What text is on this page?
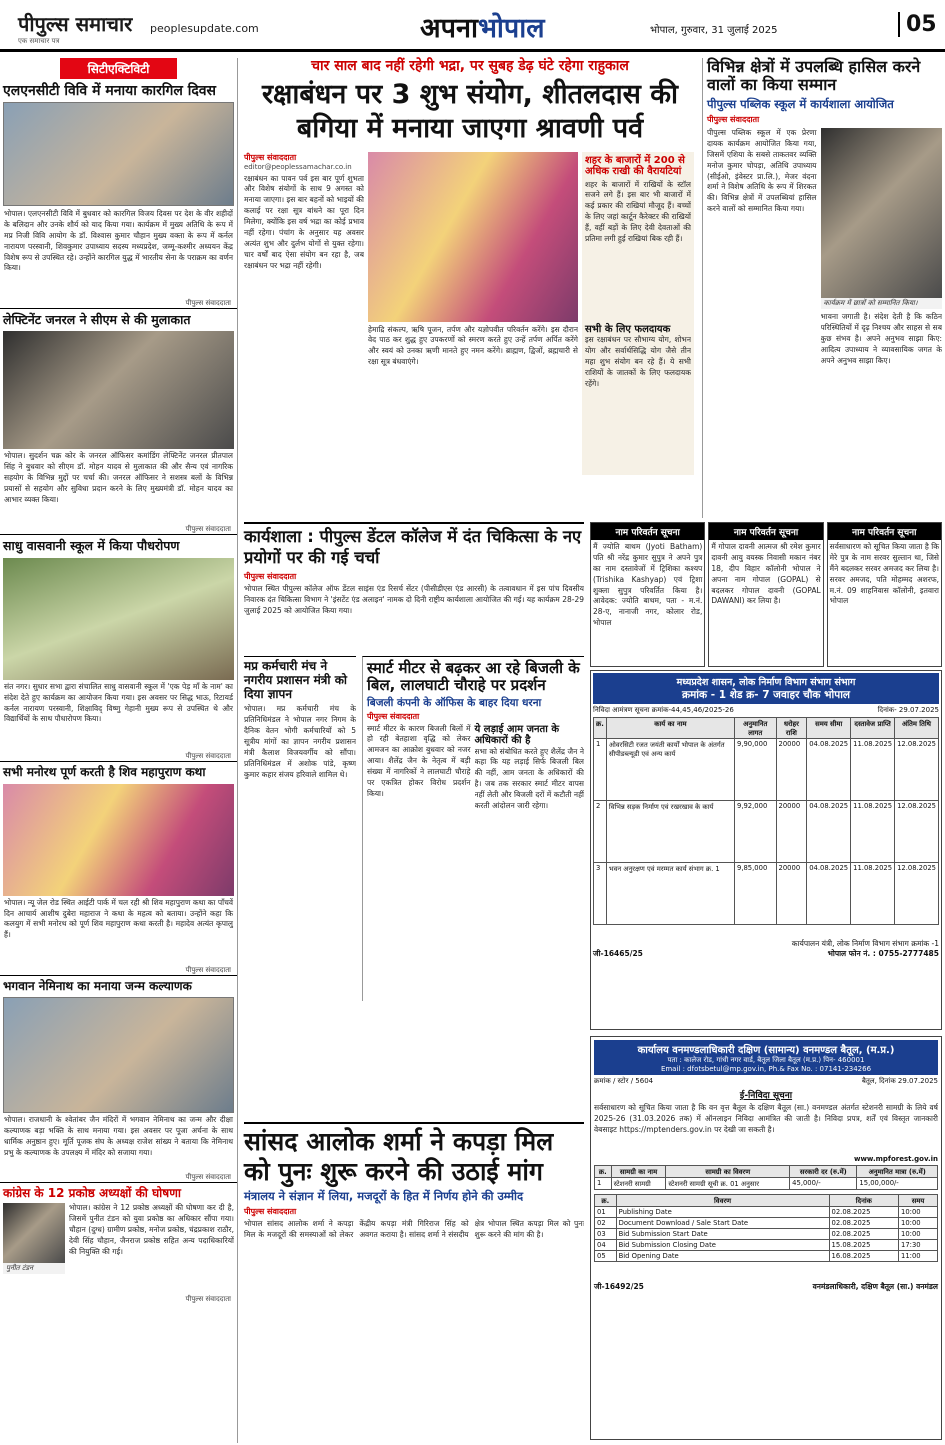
पीपुल्स समाचार
एक समाचार पत्र
peoplesupdate.com	अपनाभोपाल	भोपाल, गुरुवार, 31 जुलाई 2025	05
सिटीएक्टिविटी
एलएनसीटी विवि में मनाया कारगिल दिवस
भोपाल। एलएनसीटी विवि में बुधवार को कारगिल विजय दिवस पर देश के वीर शहीदों के बलिदान और उनके शौर्य को याद किया गया। कार्यक्रम में मुख्य अतिथि के रूप में मप्र निजी विवि आयोग के डॉ. विश्वास कुमार चौहान मुख्य वक्ता के रूप में कर्नल नारायण परस्वानी, शिवकुमार उपाध्याय सदस्य मध्यप्रदेश, जम्मू-कश्मीर अध्ययन केंद्र विशेष रूप से उपस्थित रहे। उन्होंने कारगिल युद्ध में भारतीय सेना के पराक्रम का वर्णन किया।
पीपुल्स संवाददाता
लेफ्टिनेंट जनरल ने सीएम से की मुलाकात
भोपाल। सुदर्शन चक्र कोर के जनरल ऑफिसर कमांडिंग लेफ्टिनेंट जनरल प्रीतपाल सिंह ने बुधवार को सीएम डॉ. मोहन यादव से मुलाकात की और सैन्य एवं नागरिक सहयोग के विभिन्न मुद्दों पर चर्चा की। जनरल ऑफिसर ने सशस्त्र बलों के विभिन्न प्रयासों से सहयोग और सुविधा प्रदान करने के लिए मुख्यमंत्री डॉ. मोहन यादव का आभार व्यक्त किया।
पीपुल्स संवाददाता
साधु वासवानी स्कूल में किया पौधरोपण
संत नगर। सुधार सभा द्वारा संचालित साधु वासवानी स्कूल में 'एक पेड़ माँ के नाम' का संदेश देते हुए कार्यक्रम का आयोजन किया गया। इस अवसर पर सिद्ध भाऊ, रिटायर्ड कर्नल नारायण परस्वानी, शिक्षाविद् विष्णु गेहानी मुख्य रूप से उपस्थित थे और विद्यार्थियों के साथ पौधारोपण किया।
पीपुल्स संवाददाता
सभी मनोरथ पूर्ण करती है शिव महापुराण कथा
भोपाल। न्यू जेल रोड स्थित आईटी पार्क में चल रही श्री शिव महापुराण कथा का पाँचवें दिन आचार्य आशीष दुबेरा महाराज ने कथा के महत्व को बताया। उन्होंने कहा कि कलयुग में सभी मनोरथ को पूर्ण शिव महापुराण कथा करती है। महादेव अत्यंत कृपालु हैं।
पीपुल्स संवाददाता
भगवान नेमिनाथ का मनाया जन्म कल्याणक
भोपाल। राजधानी के श्वेतांबर जैन मंदिरों में भगवान नेमिनाथ का जन्म और दीक्षा कल्याणक बड़ा भक्ति के साथ मनाया गया। इस अवसर पर पूजा अर्चना के साथ धार्मिक अनुष्ठान हुए। मूर्ति पूजक संघ के अध्यक्ष राजेश सांख्य ने बताया कि नेमिनाथ प्रभु के कल्याणक के उपलक्ष्य में मंदिर को सजाया गया।
पीपुल्स संवाददाता
कांग्रेस के 12 प्रकोष्ठ अध्यक्षों की घोषणा
पुनीत टंडन
भोपाल। कांग्रेस ने 12 प्रकोष्ठ अध्यक्षों की घोषणा कर दी है, जिसमें पुनीत टंडन को युवा प्रकोष्ठ का अधिकार सौंपा गया। चौहान (दुग्ध) ग्रामीण प्रकोष्ठ, मनोज प्रकोष्ठ, चंद्रप्रकाश राठौर, देवी सिंह चौहान, जैनराज प्रकोष्ठ सहित अन्य पदाधिकारियों की नियुक्ति की गई।
पीपुल्स संवाददाता
चार साल बाद नहीं रहेगी भद्रा, पर सुबह डेढ़ घंटे रहेगा राहुकाल
रक्षाबंधन पर 3 शुभ संयोग, शीतलदास की बगिया में मनाया जाएगा श्रावणी पर्व
पीपुल्स संवाददाता
editor@peoplessamachar.co.in
रक्षाबंधन का पावन पर्व इस बार पूर्ण शुभता और विशेष संयोगों के साथ 9 अगस्त को मनाया जाएगा। इस बार बहनों को भाइयों की कलाई पर रक्षा सूत्र बांधने का पूरा दिन मिलेगा, क्योंकि इस वर्ष भद्रा का कोई प्रभाव नहीं रहेगा। पंचांग के अनुसार यह अवसर अत्यंत शुभ और दुर्लभ योगों से युक्त रहेगा। चार वर्षों बाद ऐसा संयोग बन रहा है, जब रक्षाबंधन पर भद्रा नहीं रहेगी।
हेमाद्रि संकल्प, ऋषि पूजन, तर्पण और यज्ञोपवीत परिवर्तन करेंगे। इस दौरान वेद पाठ कर शुद्ध हुए उपकरणों को स्मरण करते हुए उन्हें तर्पण अर्पित करेंगे और स्वयं को उनका ऋणी मानते हुए नमन करेंगे। ब्राह्मण, द्विजों, ब्रह्मचारी से रक्षा सूत्र बंधवाएंगे।
शहर के बाजारों में 200 से अधिक राखी की वैरायटियां
शहर के बाजारों में राखियों के स्टॉल सजने लगे हैं। इस बार भी बाजारों में कई प्रकार की राखियां मौजूद हैं। बच्चों के लिए जहां कार्टून कैरेक्टर की राखियों हैं, वहीं बड़ों के लिए देवी देवताओं की प्रतिमा लगी हुई राखियां बिक रही हैं।
सभी के लिए फलदायक
इस रक्षाबंधन पर सौभाग्य योग, शोभन योग और सर्वार्थसिद्धि योग जैसे तीन महा शुभ संयोग बन रहे हैं। ये सभी राशियों के जातकों के लिए फलदायक रहेंगे।
विभिन्न क्षेत्रों में उपलब्धि हासिल करने वालों का किया सम्मान
पीपुल्स पब्लिक स्कूल में कार्यशाला आयोजित
पीपुल्स संवाददाता
पीपुल्स पब्लिक स्कूल में एक प्रेरणा दायक कार्यक्रम आयोजित किया गया, जिसमें एशिया के सबसे ताकतवर व्यक्ति मनोज कुमार चोपड़ा, अतिथि उपाध्याय (सीईओ, इंवेस्टर प्रा.लि.), मेजर वंदना शर्मा ने विशेष अतिथि के रूप में शिरकत की। विभिन्न क्षेत्रों में उपलब्धियां हासिल करने वालों को सम्मानित किया गया।
कार्यक्रम में छात्रों को सम्मानित किया।
भावना जगाती है। संदेश देती है कि कठिन परिस्थितियों में दृढ़ निश्चय और साहस से सब कुछ संभव है। अपने अनुभव साझा किए: आदित्य उपाध्याय ने व्यावसायिक जगत के अपने अनुभव साझा किए।
कार्यशाला : पीपुल्स डेंटल कॉलेज में दंत चिकित्सा के नए प्रयोगों पर की गई चर्चा
पीपुल्स संवाददाता
भोपाल स्थित पीपुल्स कॉलेज ऑफ डेंटल साइंस एंड रिसर्च सेंटर (पीसीडीएस एंड आरसी) के तत्वावधान में इस पांच दिवसीय निवारक दंत चिकित्सा विभाग ने 'इंसटेंट एंड अलाइन' नामक दो दिनी राष्ट्रीय कार्यशाला आयोजित की गई। यह कार्यक्रम 28-29 जुलाई 2025 को आयोजित किया गया।
नाम परिवर्तन सूचना
मैं ज्योति बाथम (Jyoti Batham) पति श्री नरेंद्र कुमार सुपुत्र ने अपने पुत्र का नाम दस्तावेजों में ट्रिशिका कश्यप (Trishika Kashyap) एवं ट्रिशा शुक्ला सुपुत्र परिवर्तित किया है। आवेदक: ज्योति बाथम, पता - म.नं. 28-ए, नानाजी नगर, कोलार रोड, भोपाल
नाम परिवर्तन सूचना
मैं गोपाल दावनी आत्मज श्री रमेश कुमार दावनी आयु वयस्क निवासी मकान नंबर 18, दीप विहार कॉलोनी भोपाल ने अपना नाम गोपाल (GOPAL) से बदलकर गोपाल दावनी (GOPAL DAWANI) कर लिया है।
नाम परिवर्तन सूचना
सर्वसाधारण को सूचित किया जाता है कि मेरे पुत्र के नाम सरवर सुल्तान था, जिसे मैंने बदलकर सरवर अमजद कर लिया है। सरवर अमजद, पति मोहम्मद अशरफ, म.नं. 09 शाहनिवास कॉलोनी, इतवारा भोपाल
मप्र कर्मचारी मंच ने नगरीय प्रशासन मंत्री को दिया ज्ञापन
भोपाल। मप्र कर्मचारी मंच के प्रतिनिधिमंडल ने भोपाल नगर निगम के दैनिक वेतन भोगी कर्मचारियों को 5 सूत्रीय मांगों का ज्ञापन नगरीय प्रशासन मंत्री कैलाश विजयवर्गीय को सौंपा। प्रतिनिधिमंडल में अशोक पांडे, कृष्ण कुमार कहार संजय हरिवाले शामिल थे।
स्मार्ट मीटर से बढ़कर आ रहे बिजली के बिल, लालघाटी चौराहे पर प्रदर्शन
बिजली कंपनी के ऑफिस के बाहर दिया धरना
पीपुल्स संवाददाता
स्मार्ट मीटर के कारण बिजली बिलों में हो रही बेतहाशा वृद्धि को लेकर आमजन का आक्रोश बुधवार को नजर आया। शैलेंद्र जैन के नेतृत्व में बड़ी संख्या में नागरिकों ने लालघाटी चौराहे पर एकत्रित होकर विरोध प्रदर्शन किया।
ये लड़ाई आम जनता के अधिकारों की है
सभा को संबोधित करते हुए शैलेंद्र जैन ने कहा कि यह लड़ाई सिर्फ बिजली बिल की नहीं, आम जनता के अधिकारों की है। जब तक सरकार स्मार्ट मीटर वापस नहीं लेती और बिजली दरों में कटौती नहीं करती आंदोलन जारी रहेगा।
मध्यप्रदेश शासन, लोक निर्माण विभाग संभाग संभाग
क्रमांक - 1 शेड क्र- 7 जवाहर चौक भोपाल
निविदा आमंत्रण सूचना क्रमांक-44,45,46/2025-26	दिनांक- 29.07.2025
क्र.	कार्य का नाम	अनुमानित लागत	धरोहर राशि	समय सीमा	दस्तावेज प्राप्ति	अंतिम तिथि
1	ओवरसिटी रजत जयंती कार्यों भोपाल के अंतर्गत सीपीडब्ल्यूडी एवं अन्य कार्य	9,90,000	20000	04.08.2025	11.08.2025	12.08.2025
2	विभिन्न सड़क निर्माण एवं रखरखाव के कार्य	9,92,000	20000	04.08.2025	11.08.2025	12.08.2025
3	भवन अनुरक्षण एवं मरम्मत कार्य संभाग क्र. 1	9,85,000	20000	04.08.2025	11.08.2025	12.08.2025
जी-16465/25
कार्यपालन यंत्री, लोक निर्माण विभाग संभाग क्रमांक -1
भोपाल फोन नं. : 0755-2777485
सांसद आलोक शर्मा ने कपड़ा मिल को पुनः शुरू करने की उठाई मांग
मंत्रालय ने संज्ञान में लिया, मजदूरों के हित में निर्णय होने की उम्मीद
पीपुल्स संवाददाता
भोपाल सांसद आलोक शर्मा ने कपड़ा मिल के मजदूरों की समस्याओं को लेकर केंद्रीय कपड़ा मंत्री गिरिराज सिंह को अवगत कराया है। सांसद शर्मा ने संसदीय क्षेत्र भोपाल स्थित कपड़ा मिल को पुनः शुरू करने की मांग की है।
कार्यालय वनमण्डलाधिकारी दक्षिण (सामान्य) वनमण्डल बैतूल, (म.प्र.)
पता : कालेज रोड, गांधी नगर वार्ड, बैतूल जिला बैतूल (म.प्र.) पिन- 460001
Email : dfotsbetul@mp.gov.in, Ph.& Fax No. : 07141-234266
क्रमांक / स्टोर / 5604	बैतूल, दिनांक 29.07.2025
ई-निविदा सूचना
सर्वसाधारण को सूचित किया जाता है कि वन वृत्त बैतूल के दक्षिण बैतूल (सा.) वनमण्डल अंतर्गत स्टेशनरी सामग्री के लिये वर्ष 2025-26 (31.03.2026 तक) में ऑनलाइन निविदा आमंत्रित की जाती है। निविदा प्रपत्र, शर्तें एवं विस्तृत जानकारी वेबसाइट https://mptenders.gov.in पर देखी जा सकती है।
www.mpforest.gov.in
क्र.	सामग्री का नाम	सामग्री का विवरण	सरकारी दर (रु.में)	अनुमानित मात्रा (रु.में)
1	स्टेशनरी सामग्री	स्टेशनरी सामग्री सूची क्र. 01 अनुसार	45,000/-	15,00,000/-
क्र.	विवरण	दिनांक	समय
01	Publishing Date	02.08.2025	10:00
02	Document Download / Sale Start Date	02.08.2025	10:00
03	Bid Submission Start Date	02.08.2025	10:00
04	Bid Submission Closing Date	15.08.2025	17:30
05	Bid Opening Date	16.08.2025	11:00
जी-16492/25	वनमंडलाधिकारी, दक्षिण बैतूल (सा.) वनमंडल
